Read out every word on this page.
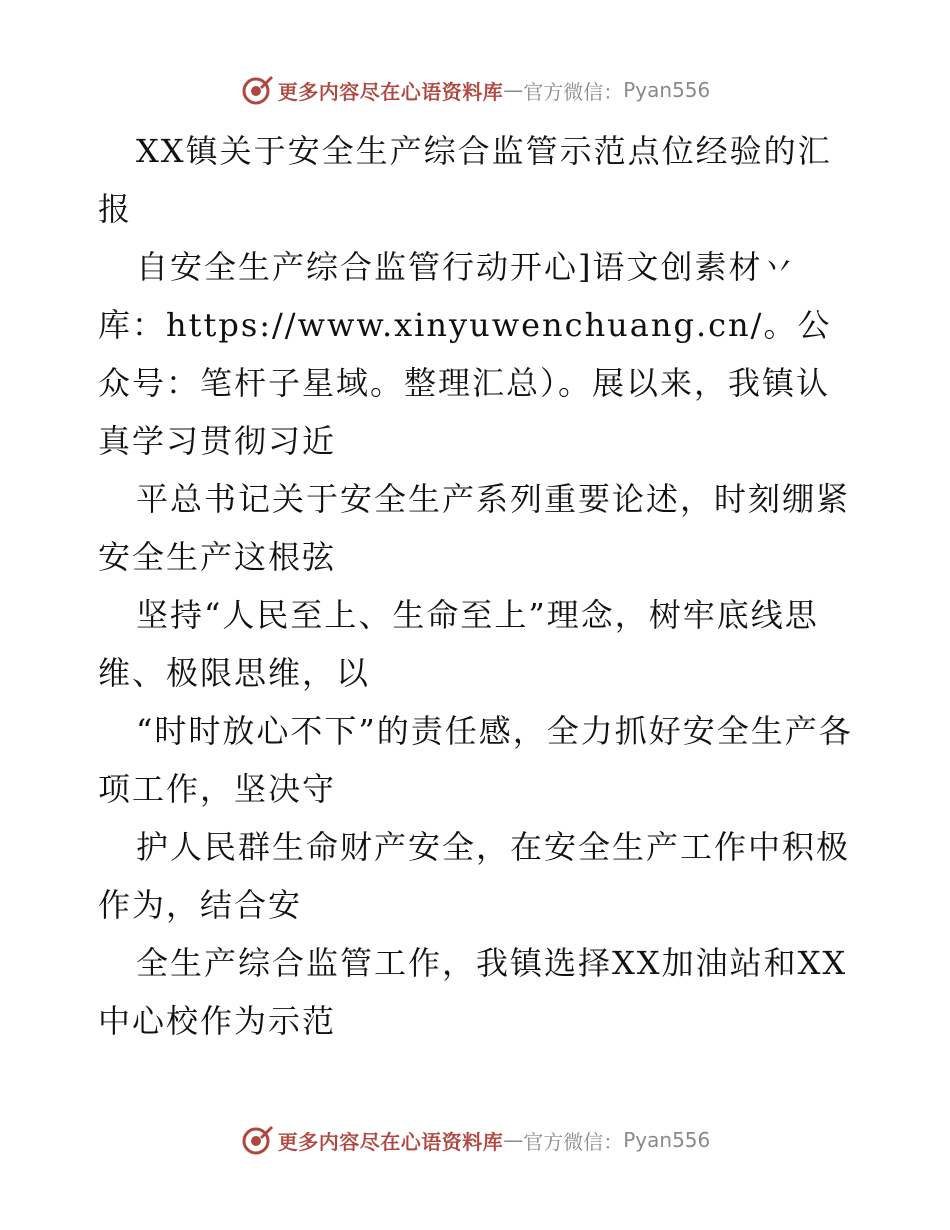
更多内容尽在心语资料库 — 官方微信： Pyan556

XX镇关于安全生产综合监管示范点位经验的汇报

自安全生产综合监管行动开心]语文创素材丷库：https://www.xinyuwenchuang.cn/。公众号：笔杆子星域。整理汇总）。展以来，我镇认真学习贯彻习近

平总书记关于安全生产系列重要论述，时刻绷紧安全生产这根弦

坚持“人民至上、生命至上”理念，树牢底线思维、极限思维，以

“时时放心不下”的责任感，全力抓好安全生产各项工作，坚决守

护人民群生命财产安全，在安全生产工作中积极作为，结合安

全生产综合监管工作，我镇选择XX加油站和XX中心校作为示范

更多内容尽在心语资料库 — 官方微信： Pyan556
